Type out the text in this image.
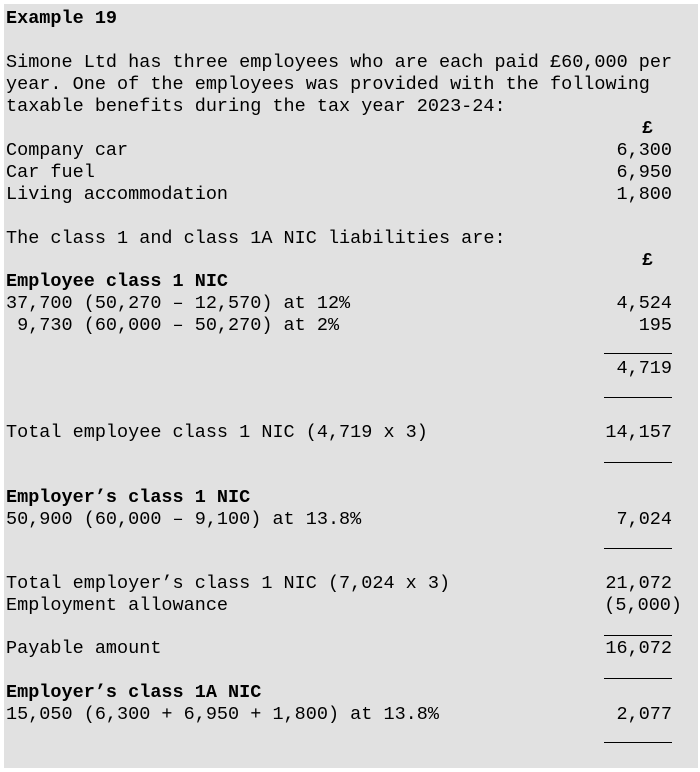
Example 19
Simone Ltd has three employees who are each paid £60,000 per
year. One of the employees was provided with the following
taxable benefits during the tax year 2023-24:
£
Company car	6,300
Car fuel	6,950
Living accommodation	1,800
The class 1 and class 1A NIC liabilities are:
£
Employee class 1 NIC
37,700 (50,270 – 12,570) at 12%	4,524
9,730 (60,000 – 50,270) at 2%	195
4,719
Total employee class 1 NIC (4,719 x 3)	14,157
Employer’s class 1 NIC
50,900 (60,000 – 9,100) at 13.8%	7,024
Total employer’s class 1 NIC (7,024 x 3)	21,072
Employment allowance	(5,000)
Payable amount	16,072
Employer’s class 1A NIC
15,050 (6,300 + 6,950 + 1,800) at 13.8%	2,077
